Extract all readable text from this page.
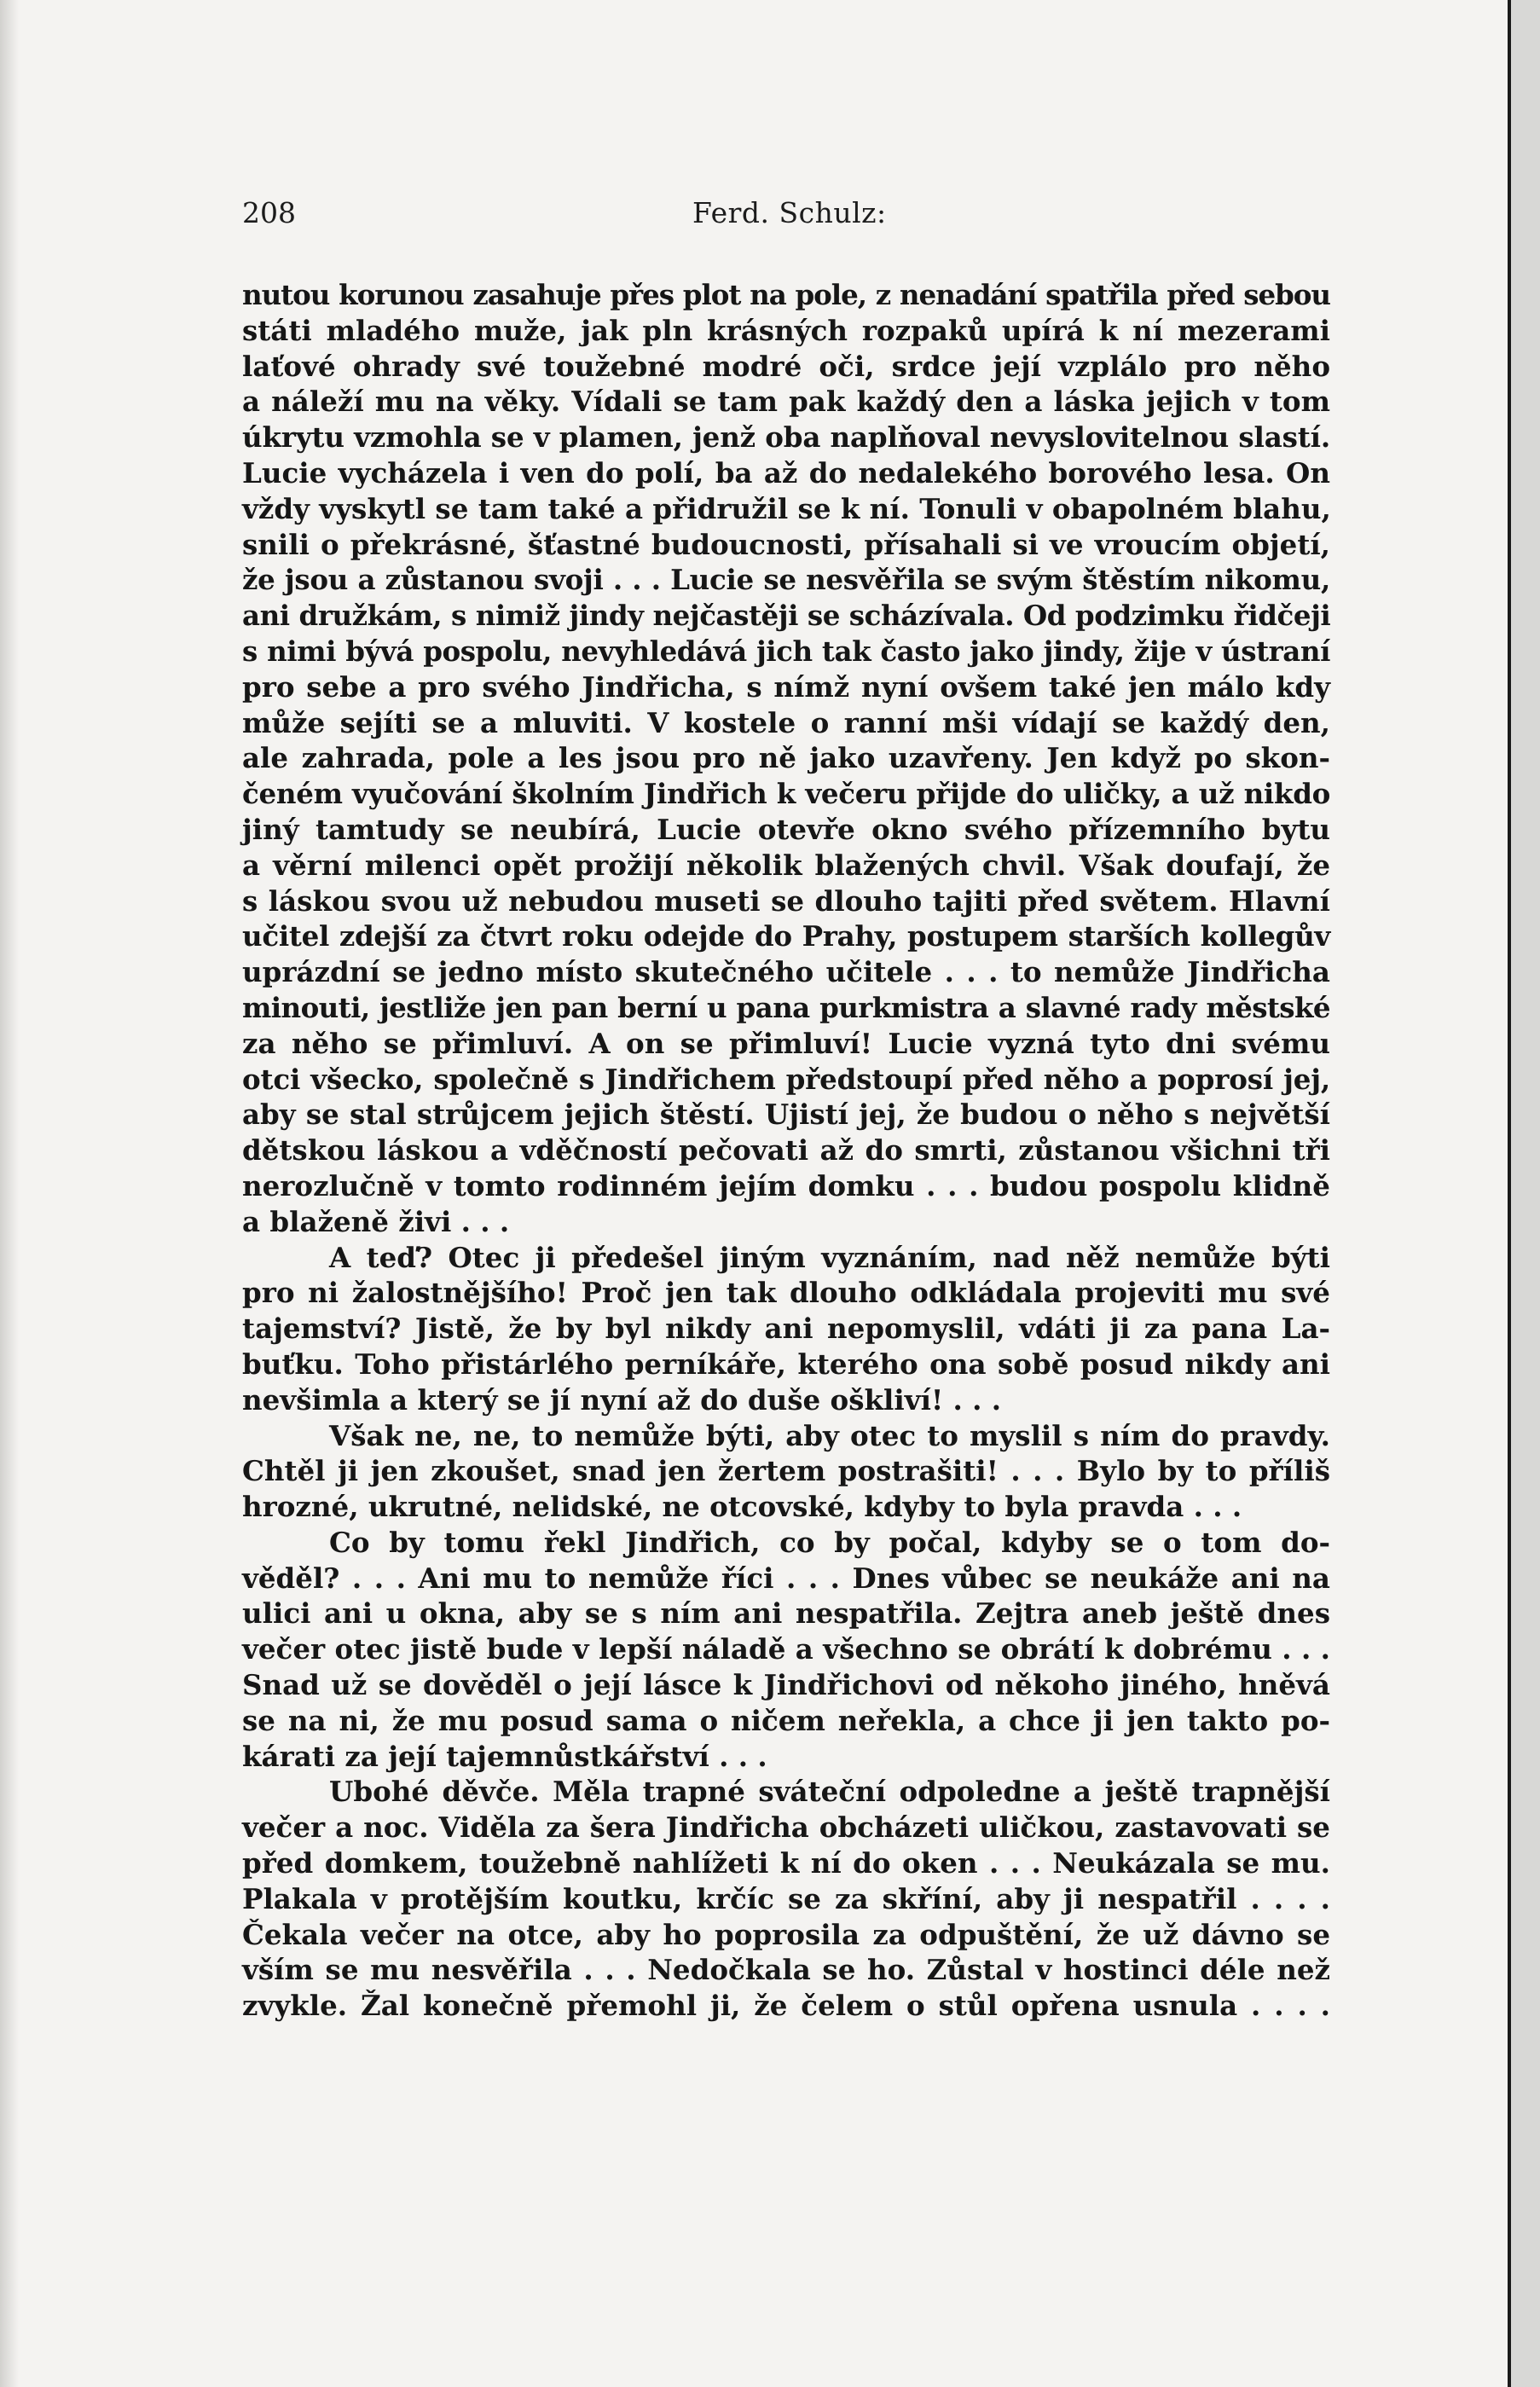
208	Ferd. Schulz:
nutou korunou zasahuje přes plot na pole, z nenadání spatřila před sebou
státi mladého muže, jak pln krásných rozpaků upírá k ní mezerami
laťové ohrady své toužebné modré oči, srdce její vzplálo pro něho
a náleží mu na věky. Vídali se tam pak každý den a láska jejich v tom
úkrytu vzmohla se v plamen, jenž oba naplňoval nevyslovitelnou slastí.
Lucie vycházela i ven do polí, ba až do nedalekého borového lesa. On
vždy vyskytl se tam také a přidružil se k ní. Tonuli v obapolném blahu,
snili o překrásné, šťastné budoucnosti, přísahali si ve vroucím objetí,
že jsou a zůstanou svoji . . . Lucie se nesvěřila se svým štěstím nikomu,
ani družkám, s nimiž jindy nejčastěji se scházívala. Od podzimku řidčeji
s nimi bývá pospolu, nevyhledává jich tak často jako jindy, žije v ústraní
pro sebe a pro svého Jindřicha, s nímž nyní ovšem také jen málo kdy
může sejíti se a mluviti. V kostele o ranní mši vídají se každý den,
ale zahrada, pole a les jsou pro ně jako uzavřeny. Jen když po skon-
čeném vyučování školním Jindřich k večeru přijde do uličky, a už nikdo
jiný tamtudy se neubírá, Lucie otevře okno svého přízemního bytu
a věrní milenci opět prožijí několik blažených chvil. Však doufají, že
s láskou svou už nebudou museti se dlouho tajiti před světem. Hlavní
učitel zdejší za čtvrt roku odejde do Prahy, postupem starších kollegův
uprázdní se jedno místo skutečného učitele . . . to nemůže Jindřicha
minouti, jestliže jen pan berní u pana purkmistra a slavné rady městské
za něho se přimluví. A on se přimluví! Lucie vyzná tyto dni svému
otci všecko, společně s Jindřichem předstoupí před něho a poprosí jej,
aby se stal strůjcem jejich štěstí. Ujistí jej, že budou o něho s největší
dětskou láskou a vděčností pečovati až do smrti, zůstanou všichni tři
nerozlučně v tomto rodinném jejím domku . . . budou pospolu klidně
a blaženě živi . . .
A teď? Otec ji předešel jiným vyznáním, nad něž nemůže býti
pro ni žalostnějšího! Proč jen tak dlouho odkládala projeviti mu své
tajemství? Jistě, že by byl nikdy ani nepomyslil, vdáti ji za pana La-
buťku. Toho přistárlého perníkáře, kterého ona sobě posud nikdy ani
nevšimla a který se jí nyní až do duše oškliví! . . .
Však ne, ne, to nemůže býti, aby otec to myslil s ním do pravdy.
Chtěl ji jen zkoušet, snad jen žertem postrašiti! . . . Bylo by to příliš
hrozné, ukrutné, nelidské, ne otcovské, kdyby to byla pravda . . .
Co by tomu řekl Jindřich, co by počal, kdyby se o tom do-
věděl? . . . Ani mu to nemůže říci . . . Dnes vůbec se neukáže ani na
ulici ani u okna, aby se s ním ani nespatřila. Zejtra aneb ještě dnes
večer otec jistě bude v lepší náladě a všechno se obrátí k dobrému . . .
Snad už se dověděl o její lásce k Jindřichovi od někoho jiného, hněvá
se na ni, že mu posud sama o ničem neřekla, a chce ji jen takto po-
kárati za její tajemnůstkářství . . .
Ubohé děvče. Měla trapné sváteční odpoledne a ještě trapnější
večer a noc. Viděla za šera Jindřicha obcházeti uličkou, zastavovati se
před domkem, toužebně nahlížeti k ní do oken . . . Neukázala se mu.
Plakala v protějším koutku, krčíc se za skříní, aby ji nespatřil . . . .
Čekala večer na otce, aby ho poprosila za odpuštění, že už dávno se
vším se mu nesvěřila . . . Nedočkala se ho. Zůstal v hostinci déle než
zvykle. Žal konečně přemohl ji, že čelem o stůl opřena usnula . . . .
